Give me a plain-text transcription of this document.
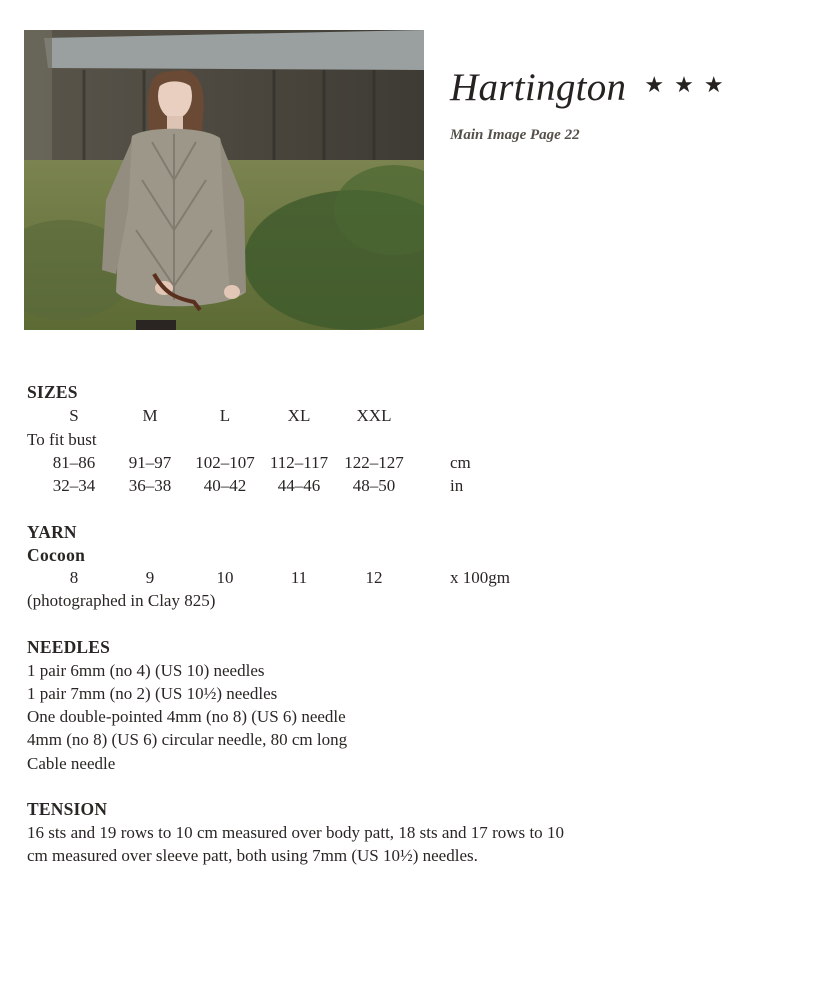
Hartington ★ ★ ★
Main Image Page 22
SIZES
S	M	L	XL	XXL
To fit bust
81–86 91–97 102–107 112–117 122–127	cm
32–34 36–38 40–42 44–46 48–50	in
YARN
Cocoon
8	9	10	11	12	x 100gm
(photographed in Clay 825)
NEEDLES
1 pair 6mm (no 4) (US 10) needles
1 pair 7mm (no 2) (US 10½) needles
One double-pointed 4mm (no 8) (US 6) needle
4mm (no 8) (US 6) circular needle, 80 cm long
Cable needle
TENSION
16 sts and 19 rows to 10 cm measured over body patt, 18 sts and 17 rows to 10 cm measured over sleeve patt, both using 7mm (US 10½) needles.
